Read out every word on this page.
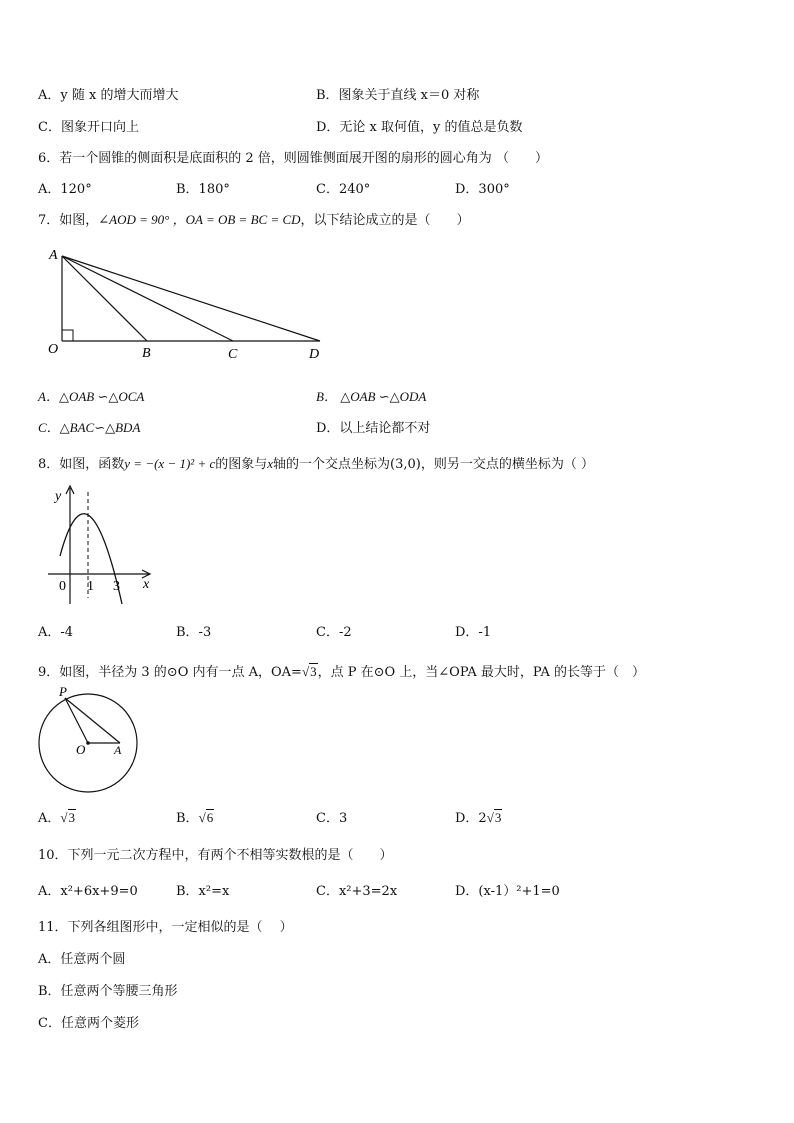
A．y 随 x 的增大而增大	B．图象关于直线 x＝0 对称
C．图象开口向上	D．无论 x 取何值，y 的值总是负数
6．若一个圆锥的侧面积是底面积的 2 倍，则圆锥侧面展开图的扇形的圆心角为 （　　）
A．120°	B．180°	C．240°	D．300°
7．如图，∠AOD = 90° ，OA = OB = BC = CD，以下结论成立的是（　　）
A
O	B	C	D
A．△OAB ∽△OCA	B． △OAB ∽△ODA
C．△BAC∽△BDA	D．以上结论都不对
8．如图，函数y = −(x − 1)² + c的图象与x轴的一个交点坐标为(3,0)，则另一交点的横坐标为（ ）
y
x
0 1 3
A．-4	B．-3	C．-2	D．-1
9．如图，半径为 3 的⊙O 内有一点 A，OA=√3，点 P 在⊙O 上，当∠OPA 最大时，PA 的长等于（　）
P
O A
A．√3	B．√6	C．3	D．2√3
10．下列一元二次方程中，有两个不相等实数根的是（　　）
A．x²+6x+9=0	B．x²=x	C．x²+3=2x	D．(x-1）²+1=0
11．下列各组图形中，一定相似的是（　 ）
A．任意两个圆
B．任意两个等腰三角形
C．任意两个菱形
